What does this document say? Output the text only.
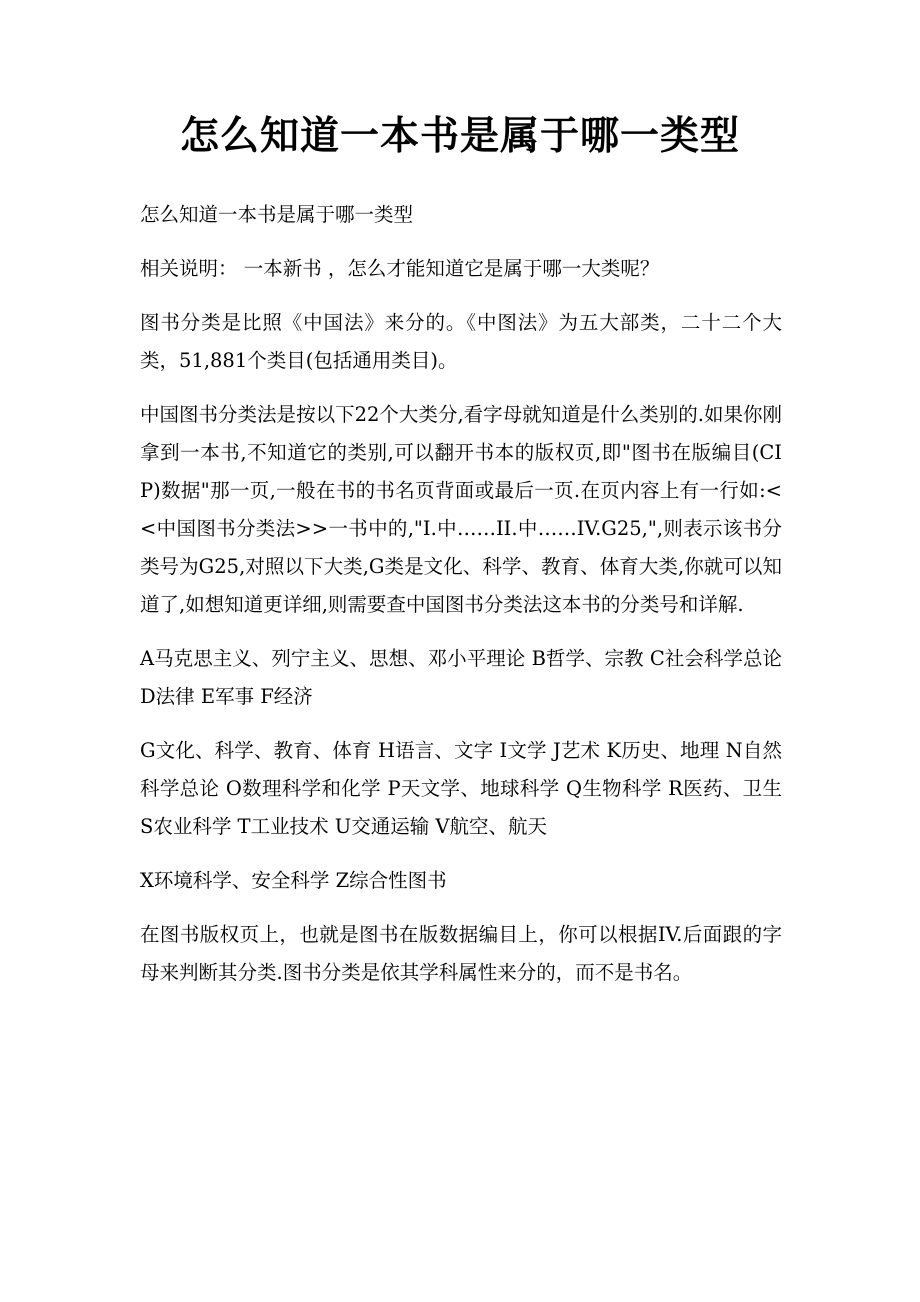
怎么知道一本书是属于哪一类型

怎么知道一本书是属于哪一类型

相关说明： 一本新书 ，怎么才能知道它是属于哪一大类呢？

图书分类是比照《中国法》来分的。《中图法》为五大部类，二十二个大类，51,881个类目(包括通用类目)。

中国图书分类法是按以下22个大类分,看字母就知道是什么类别的.如果你刚拿到一本书,不知道它的类别,可以翻开书本的版权页,即"图书在版编目(CIP)数据"那一页,一般在书的书名页背面或最后一页.在页内容上有一行如:<<中国图书分类法>>一书中的,"I.中……II.中……IV.G25,",则表示该书分类号为G25,对照以下大类,G类是文化、科学、教育、体育大类,你就可以知道了,如想知道更详细,则需要查中国图书分类法这本书的分类号和详解.

A马克思主义、列宁主义、思想、邓小平理论 B哲学、宗教 C社会科学总论 D法律 E军事 F经济

G文化、科学、教育、体育 H语言、文字 I文学 J艺术 K历史、地理 N自然科学总论 O数理科学和化学 P天文学、地球科学 Q生物科学 R医药、卫生 S农业科学 T工业技术 U交通运输 V航空、航天

X环境科学、安全科学 Z综合性图书

在图书版权页上，也就是图书在版数据编目上，你可以根据IV.后面跟的字母来判断其分类.图书分类是依其学科属性来分的，而不是书名。
